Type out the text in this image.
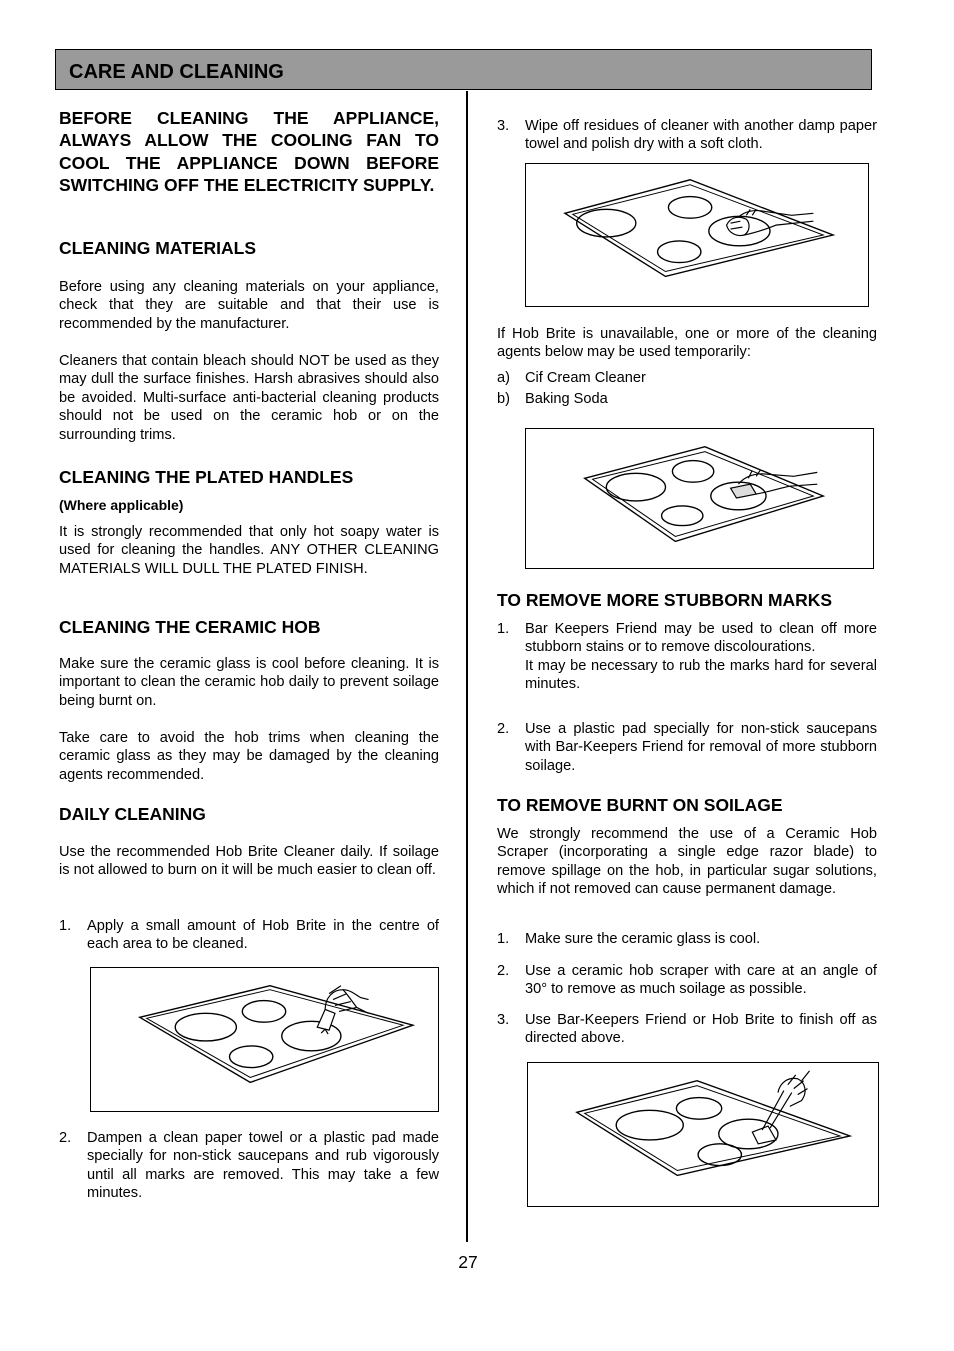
CARE AND CLEANING
BEFORE CLEANING THE APPLIANCE, ALWAYS ALLOW THE COOLING FAN TO COOL THE APPLIANCE DOWN BEFORE SWITCHING OFF THE ELECTRICITY SUPPLY.
CLEANING MATERIALS
Before using any cleaning materials on your appliance, check that they are suitable and that their use is recommended by the manufacturer.
Cleaners that contain bleach should NOT be used as they may dull the surface finishes. Harsh abrasives should also be avoided. Multi-surface anti-bacterial cleaning products should not be used on the ceramic hob or on the surrounding trims.
CLEANING THE PLATED HANDLES
(Where applicable)
It is strongly recommended that only hot soapy water is used for cleaning the handles. ANY OTHER CLEANING MATERIALS WILL DULL THE PLATED FINISH.
CLEANING THE CERAMIC HOB
Make sure the ceramic glass is cool before cleaning. It is important to clean the ceramic hob daily to prevent soilage being burnt on.
Take care to avoid the hob trims when cleaning the ceramic glass as they may be damaged by the cleaning agents recommended.
DAILY CLEANING
Use the recommended Hob Brite Cleaner daily. If soilage is not allowed to burn on it will be much easier to clean off.
1. Apply a small amount of Hob Brite in the centre of each area to be cleaned.
2. Dampen a clean paper towel or a plastic pad made specially for non-stick saucepans and rub vigorously until all marks are removed. This may take a few minutes.
3. Wipe off residues of cleaner with another damp paper towel and polish dry with a soft cloth.
If Hob Brite is unavailable, one or more of the cleaning agents below may be used temporarily:
a) Cif Cream Cleaner
b) Baking Soda
TO REMOVE MORE STUBBORN MARKS
1. Bar Keepers Friend may be used to clean off more stubborn stains or to remove discolourations.
It may be necessary to rub the marks hard for several minutes.
2. Use a plastic pad specially for non-stick saucepans with Bar-Keepers Friend for removal of more stubborn soilage.
TO REMOVE BURNT ON SOILAGE
We strongly recommend the use of a Ceramic Hob Scraper (incorporating a single edge razor blade) to remove spillage on the hob, in particular sugar solutions, which if not removed can cause permanent damage.
1. Make sure the ceramic glass is cool.
2. Use a ceramic hob scraper with care at an angle of 30° to remove as much soilage as possible.
3. Use Bar-Keepers Friend or Hob Brite to finish off as directed above.
27
